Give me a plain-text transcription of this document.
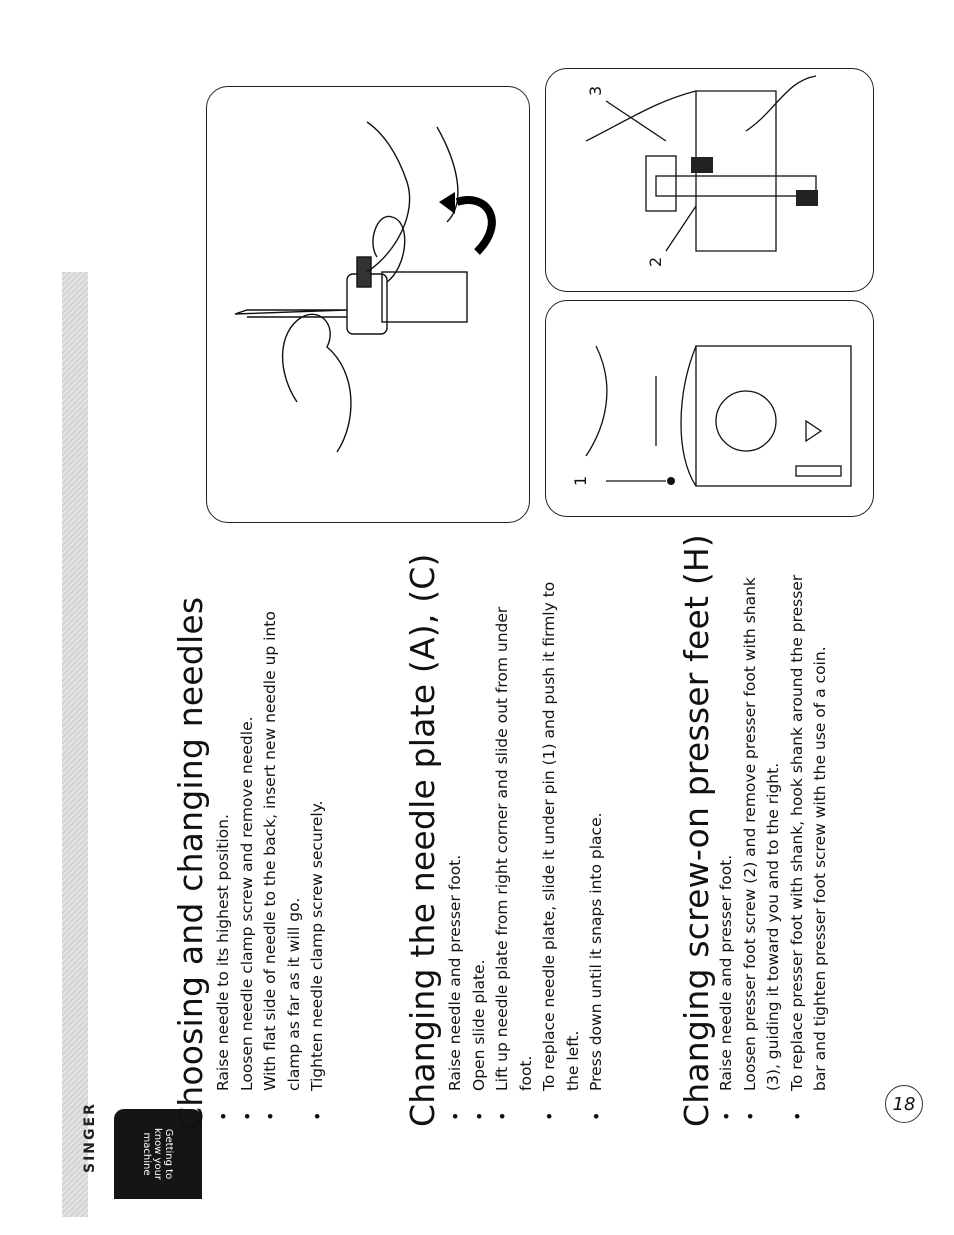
SINGER	Getting to know your machine
Choosing and changing needles • Raise needle to its highest position. • Loosen needle clamp screw and remove needle. • With flat side of needle to the back, insert new needle up into clamp as far as it will go. • Tighten needle clamp screw securely. Changing the needle plate (A), (C) • Raise needle and presser foot. • Open slide plate. • Lift up needle plate from right corner and slide out from under foot. • To replace needle plate, slide it under pin (1) and push it firmly to the left. • Press down until it snaps into place. Changing screw-on presser feet (H) • Raise needle and presser foot. • Loosen presser foot screw (2) and remove presser foot with shank (3), guiding it toward you and to the right. • To replace presser foot with shank, hook shank around the presser bar and tighten presser foot screw with the use of a coin.
18
1
2
3
